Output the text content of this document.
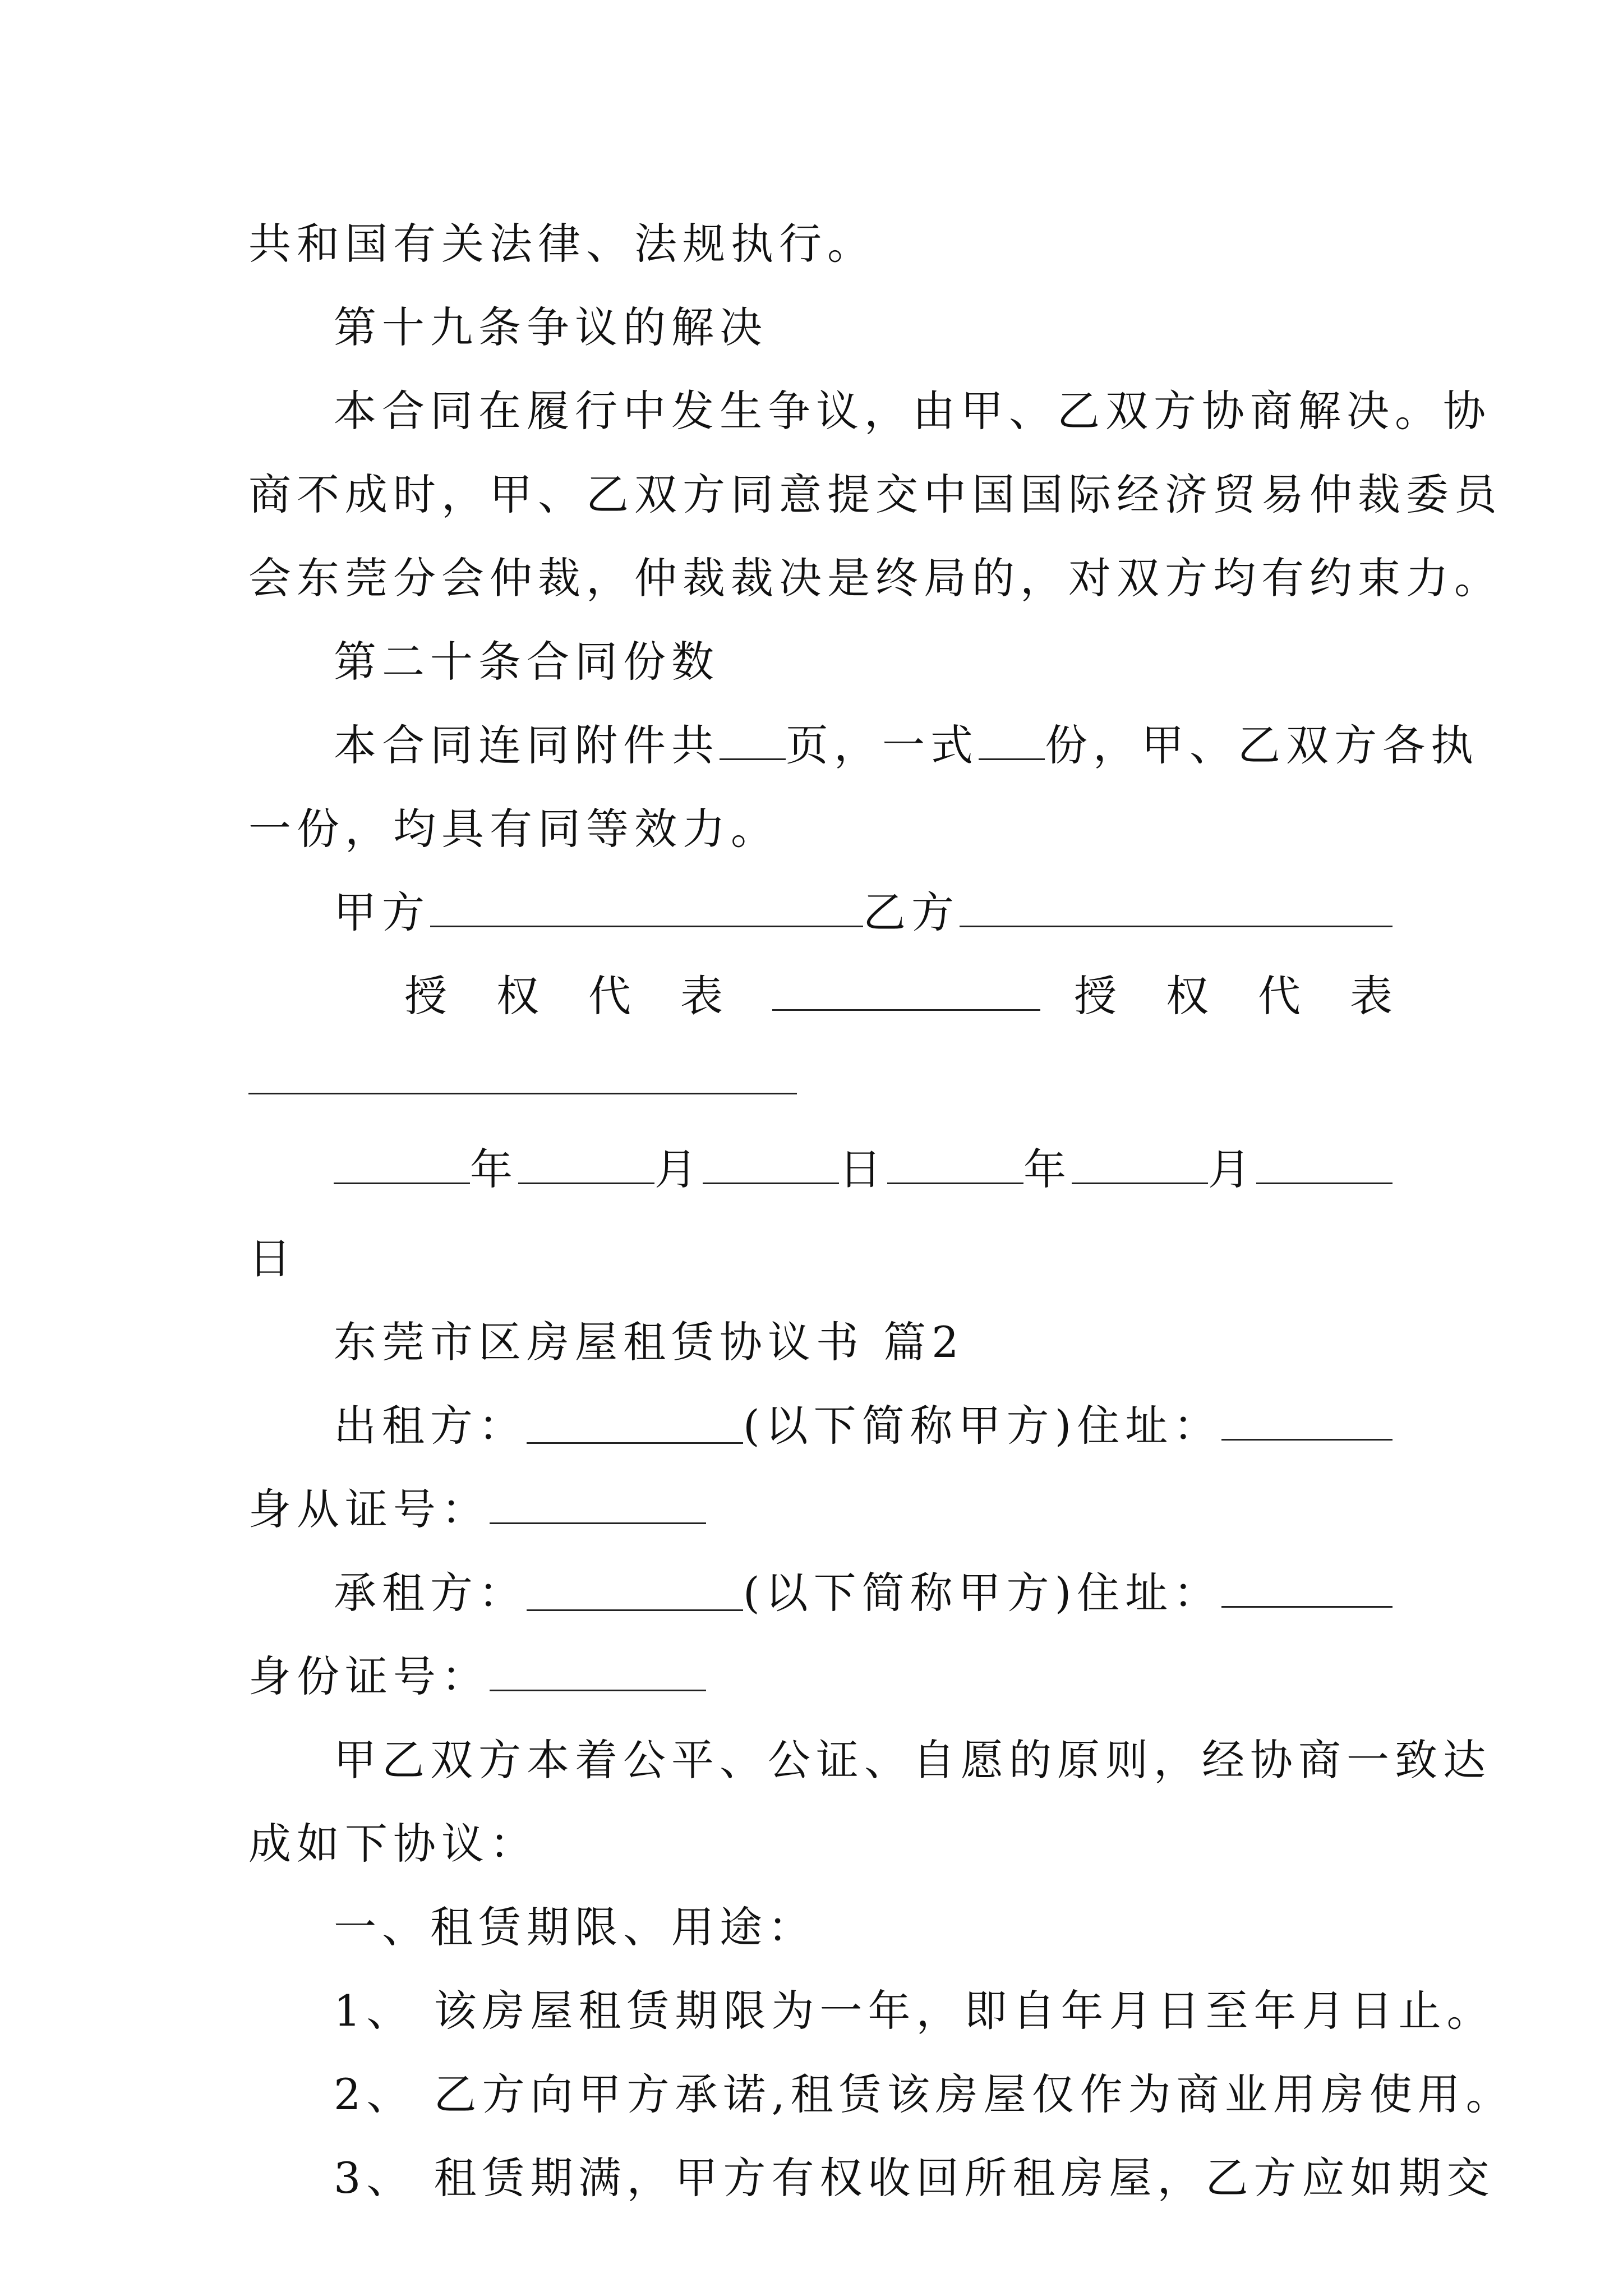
共和国有关法律、法规执行。
第十九条争议的解决
本合同在履行中发生争议，由甲、乙双方协商解决。协
商不成时，甲、乙双方同意提交中国国际经济贸易仲裁委员
会东莞分会仲裁，仲裁裁决是终局的，对双方均有约束力。
第二十条合同份数
本合同连同附件共 页，一式 份，甲、乙双方各执
一份，均具有同等效力。
甲方	乙方
授权代表	授权代表
年	月	日	年	月
日
东莞市区房屋租赁协议书 篇2
出租方：	(以下简称甲方)住址：
身从证号：
承租方：	(以下简称甲方)住址：
身份证号：
甲乙双方本着公平、公证、自愿的原则，经协商一致达
成如下协议：
一、租赁期限、用途：
1、 该房屋租赁期限为一年，即自年月日至年月日止。
2、 乙方向甲方承诺,租赁该房屋仅作为商业用房使用。
3、 租赁期满，甲方有权收回所租房屋，乙方应如期交
